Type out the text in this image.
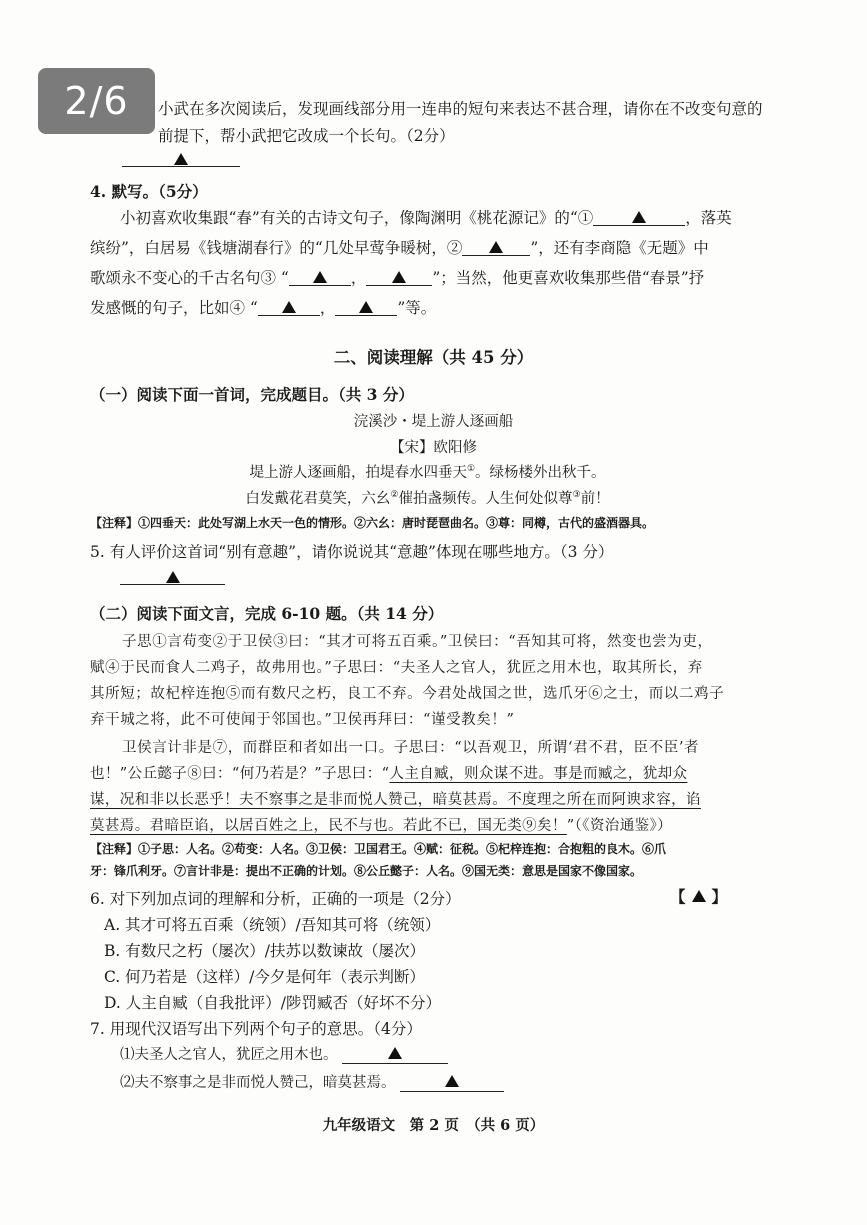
2/6	小武在多次阅读后，发现画线部分用一连串的短句来表达不甚合理，请你在不改变句意的
前提下，帮小武把它改成一个长句。（2分）
4. 默写。（5分）
小初喜欢收集跟“春”有关的古诗文句子，像陶渊明《桃花源记》的“①	，落英
缤纷”，白居易《钱塘湖春行》的“几处早莺争暖树，②	”，还有李商隐《无题》中
歌颂永不变心的千古名句③ “	，	”；当然，他更喜欢收集那些借“春景”抒
发感慨的句子，比如④ “	，	”等。
二、阅读理解（共 45 分）
（一）阅读下面一首词，完成题目。（共 3 分）
浣溪沙・堤上游人逐画船
【宋】欧阳修
堤上游人逐画船，拍堤春水四垂天①。绿杨楼外出秋千。
白发戴花君莫笑，六幺②催拍盏频传。人生何处似尊③前！
【注释】①四垂天：此处写湖上水天一色的情形。②六幺：唐时琵琶曲名。③尊：同樽，古代的盛酒器具。
5. 有人评价这首词“别有意趣”，请你说说其“意趣”体现在哪些地方。（3 分）
（二）阅读下面文言，完成 6-10 题。（共 14 分）
子思①言苟变②于卫侯③曰：“其才可将五百乘。”卫侯曰：“吾知其可将，然变也尝为吏，
赋④于民而食人二鸡子，故弗用也。”子思曰：“夫圣人之官人，犹匠之用木也，取其所长，弃
其所短；故杞梓连抱⑤而有数尺之朽，良工不弃。今君处战国之世，选爪牙⑥之士，而以二鸡子
弃干城之将，此不可使闻于邻国也。”卫侯再拜曰：“谨受教矣！”
卫侯言计非是⑦，而群臣和者如出一口。子思曰：“以吾观卫，所谓‘君不君，臣不臣’者
也！”公丘懿子⑧曰：“何乃若是？”子思曰：“人主自臧，则众谋不进。事是而臧之，犹却众
谋，况和非以长恶乎！夫不察事之是非而悦人赞己，暗莫甚焉。不度理之所在而阿谀求容，谄
莫甚焉。君暗臣谄，以居百姓之上，民不与也。若此不已，国无类⑨矣！”（《资治通鉴》）
【注释】①子思：人名。②苟变：人名。③卫侯：卫国君王。④赋：征税。⑤杞梓连抱：合抱粗的良木。⑥爪
牙：锋爪利牙。⑦言计非是：提出不正确的计划。⑧公丘懿子：人名。⑨国无类：意思是国家不像国家。
6. 对下列加点词的理解和分析，正确的一项是（2分）	【 】
A. 其才可将五百乘（统领）/吾知其可将（统领）
B. 有数尺之朽（屡次）/扶苏以数谏故（屡次）
C. 何乃若是（这样）/今夕是何年（表示判断）
D. 人主自臧（自我批评）/陟罚臧否（好坏不分）
7. 用现代汉语写出下列两个句子的意思。（4分）
⑴夫圣人之官人，犹匠之用木也。
⑵夫不察事之是非而悦人赞己，暗莫甚焉。
九年级语文　第 2 页　（共 6 页）
